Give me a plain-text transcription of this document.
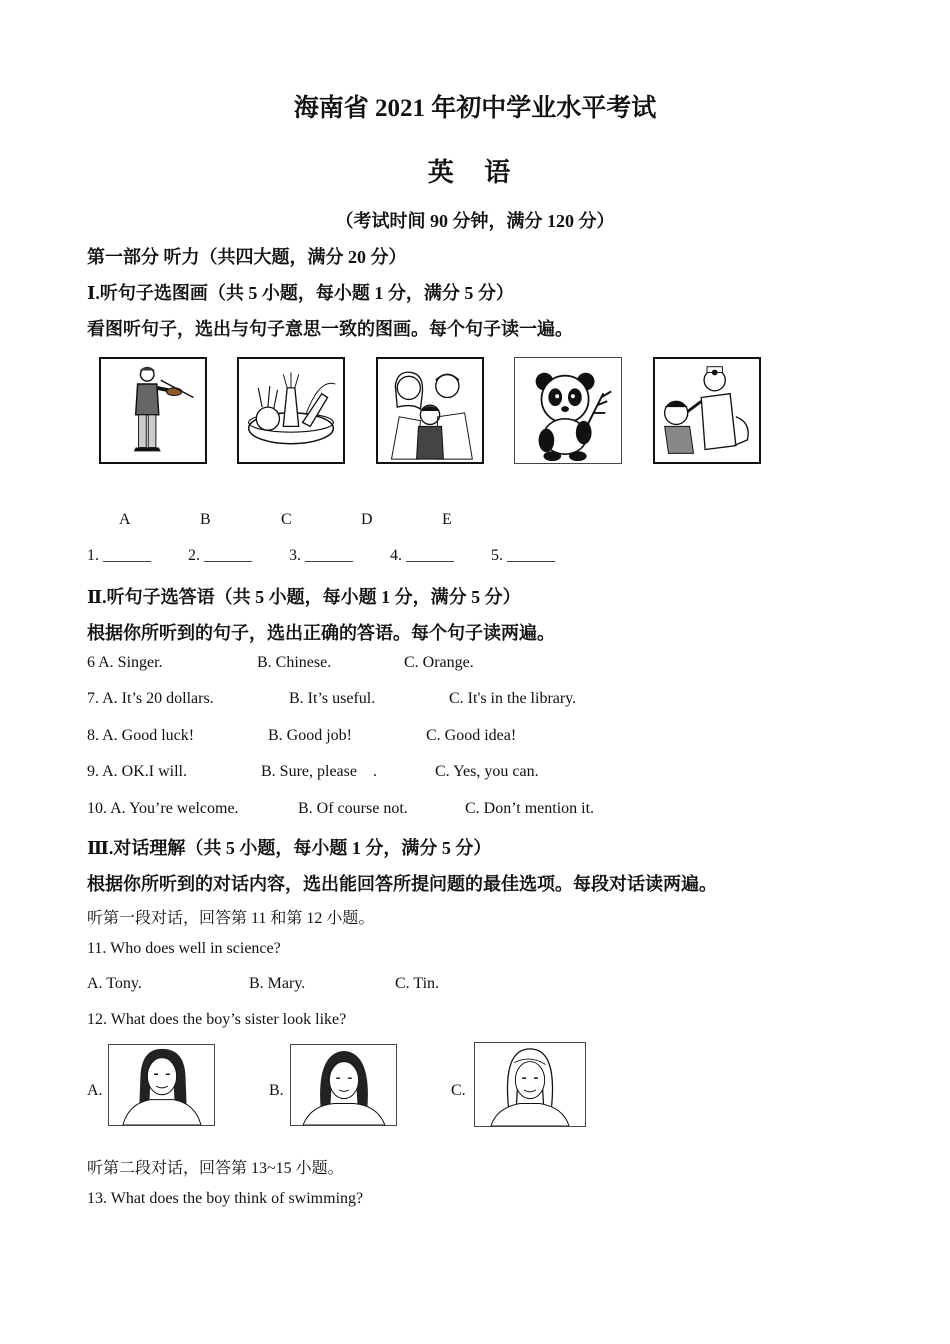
海南省 2021 年初中学业水平考试
英 语
（考试时间 90 分钟，满分 120 分）
第一部分 听力（共四大题，满分 20 分）
Ⅰ.听句子选图画（共 5 小题，每小题 1 分，满分 5 分）
看图听句子，选出与句子意思一致的图画。每个句子读一遍。
A	B	C	D	E
1. ______ 2. ______ 3. ______ 4. ______ 5. ______
Ⅱ.听句子选答语（共 5 小题，每小题 1 分，满分 5 分）
根据你所听到的句子，选出正确的答语。每个句子读两遍。
6 A. Singer.	B. Chinese.	C. Orange.
7. A. It’s 20 dollars.	B. It’s useful.	C. It's in the library.
8. A. Good luck!	B. Good job!	C. Good idea!
9. A. OK.I will.	B. Sure, please    .	C. Yes, you can.
10. A. You’re welcome.	B. Of course not.	C. Don’t mention it.
Ⅲ.对话理解（共 5 小题，每小题 1 分，满分 5 分）
根据你所听到的对话内容，选出能回答所提问题的最佳选项。每段对话读两遍。
听第一段对话，回答第 11 和第 12 小题。
11. Who does well in science?
A. Tony.	B. Mary.	C. Tin.
12. What does the boy’s sister look like?
A.	B.	C.
听第二段对话，回答第 13~15 小题。
13. What does the boy think of swimming?
